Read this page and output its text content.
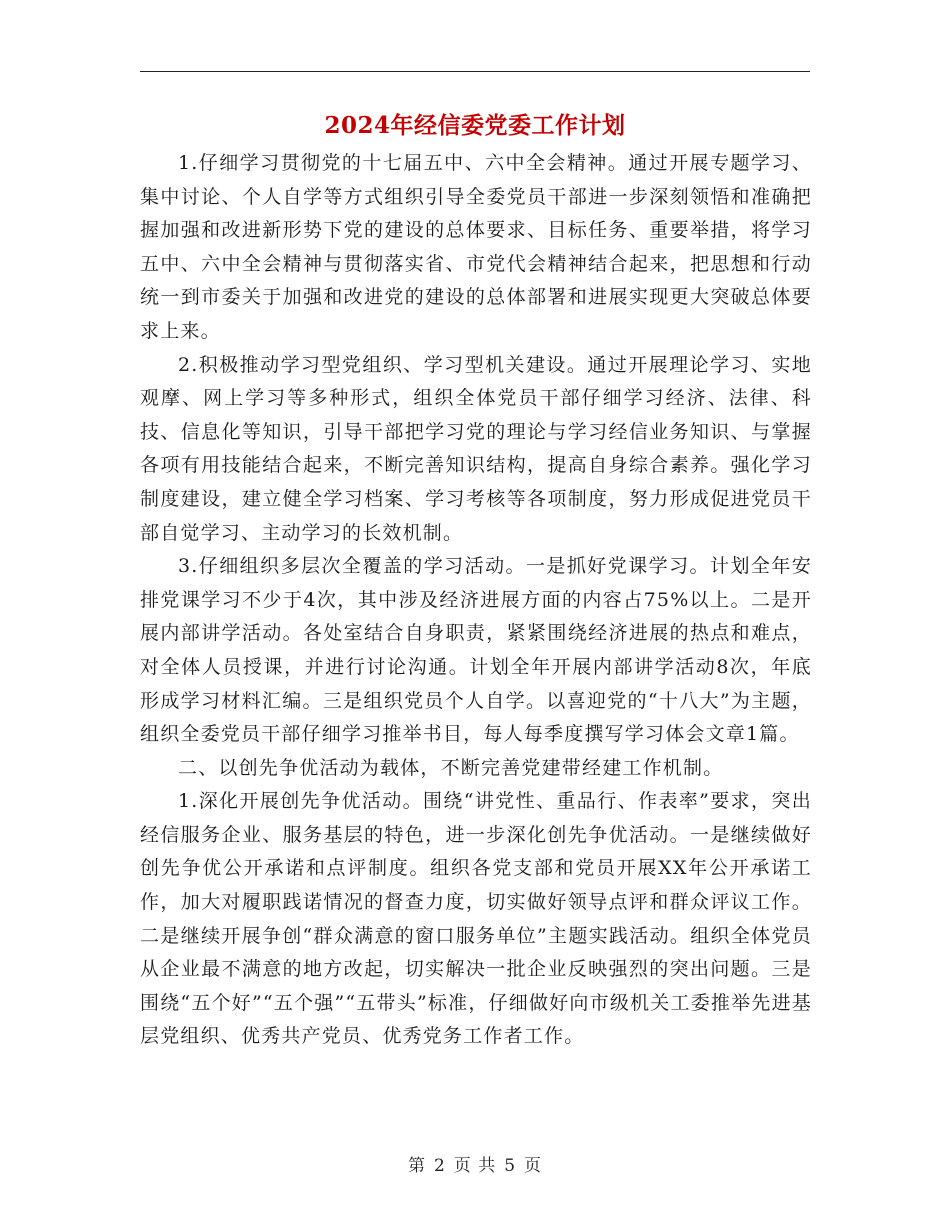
2024年经信委党委工作计划

1.仔细学习贯彻党的十七届五中、六中全会精神。通过开展专题学习、集中讨论、个人自学等方式组织引导全委党员干部进一步深刻领悟和准确把握加强和改进新形势下党的建设的总体要求、目标任务、重要举措，将学习五中、六中全会精神与贯彻落实省、市党代会精神结合起来，把思想和行动统一到市委关于加强和改进党的建设的总体部署和进展实现更大突破总体要求上来。

2.积极推动学习型党组织、学习型机关建设。通过开展理论学习、实地观摩、网上学习等多种形式，组织全体党员干部仔细学习经济、法律、科技、信息化等知识，引导干部把学习党的理论与学习经信业务知识、与掌握各项有用技能结合起来，不断完善知识结构，提高自身综合素养。强化学习制度建设，建立健全学习档案、学习考核等各项制度，努力形成促进党员干部自觉学习、主动学习的长效机制。

3.仔细组织多层次全覆盖的学习活动。一是抓好党课学习。计划全年安排党课学习不少于4次，其中涉及经济进展方面的内容占75%以上。二是开展内部讲学活动。各处室结合自身职责，紧紧围绕经济进展的热点和难点，对全体人员授课，并进行讨论沟通。计划全年开展内部讲学活动8次，年底形成学习材料汇编。三是组织党员个人自学。以喜迎党的“十八大”为主题，组织全委党员干部仔细学习推举书目，每人每季度撰写学习体会文章1篇。

二、以创先争优活动为载体，不断完善党建带经建工作机制。

1.深化开展创先争优活动。围绕“讲党性、重品行、作表率”要求，突出经信服务企业、服务基层的特色，进一步深化创先争优活动。一是继续做好创先争优公开承诺和点评制度。组织各党支部和党员开展XX年公开承诺工作，加大对履职践诺情况的督查力度，切实做好领导点评和群众评议工作。二是继续开展争创“群众满意的窗口服务单位”主题实践活动。组织全体党员从企业最不满意的地方改起，切实解决一批企业反映强烈的突出问题。三是围绕“五个好”“五个强”“五带头”标准，仔细做好向市级机关工委推举先进基层党组织、优秀共产党员、优秀党务工作者工作。

第 2 页 共 5 页
